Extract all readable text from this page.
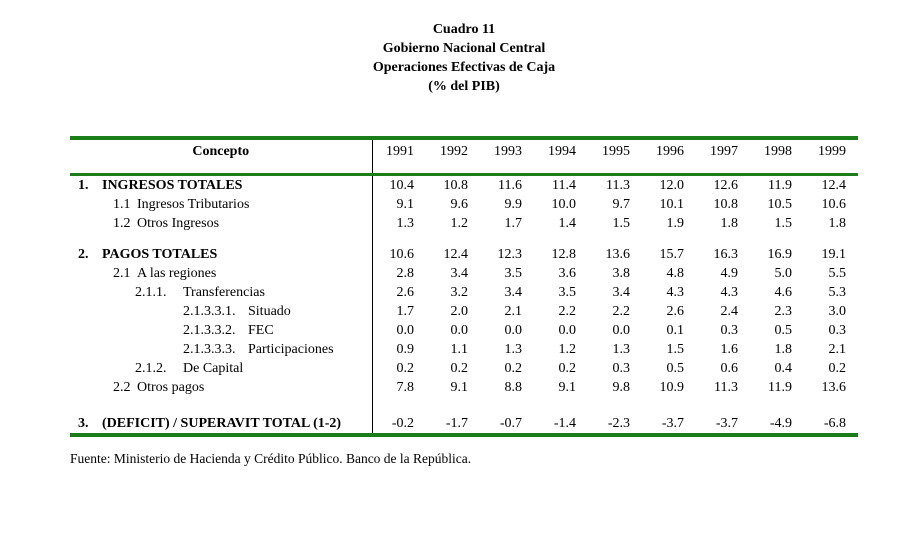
Cuadro 11
Gobierno Nacional Central
Operaciones Efectivas de Caja
(% del PIB)
Concepto	1991	1992	1993	1994	1995	1996	1997	1998	1999
1. INGRESOS TOTALES	10.4	10.8	11.6	11.4	11.3	12.0	12.6	11.9	12.4
1.1 Ingresos Tributarios	9.1	9.6	9.9	10.0	9.7	10.1	10.8	10.5	10.6
1.2 Otros Ingresos	1.3	1.2	1.7	1.4	1.5	1.9	1.8	1.5	1.8

2. PAGOS TOTALES	10.6	12.4	12.3	12.8	13.6	15.7	16.3	16.9	19.1
2.1 A las regiones	2.8	3.4	3.5	3.6	3.8	4.8	4.9	5.0	5.5
2.1.1. Transferencias	2.6	3.2	3.4	3.5	3.4	4.3	4.3	4.6	5.3
2.1.3.3.1. Situado	1.7	2.0	2.1	2.2	2.2	2.6	2.4	2.3	3.0
2.1.3.3.2. FEC	0.0	0.0	0.0	0.0	0.0	0.1	0.3	0.5	0.3
2.1.3.3.3. Participaciones	0.9	1.1	1.3	1.2	1.3	1.5	1.6	1.8	2.1
2.1.2. De Capital	0.2	0.2	0.2	0.2	0.3	0.5	0.6	0.4	0.2
2.2 Otros pagos	7.8	9.1	8.8	9.1	9.8	10.9	11.3	11.9	13.6

3. (DEFICIT) / SUPERAVIT TOTAL (1-2)	-0.2	-1.7	-0.7	-1.4	-2.3	-3.7	-3.7	-4.9	-6.8
Fuente: Ministerio de Hacienda y Crédito Público. Banco de la República.
